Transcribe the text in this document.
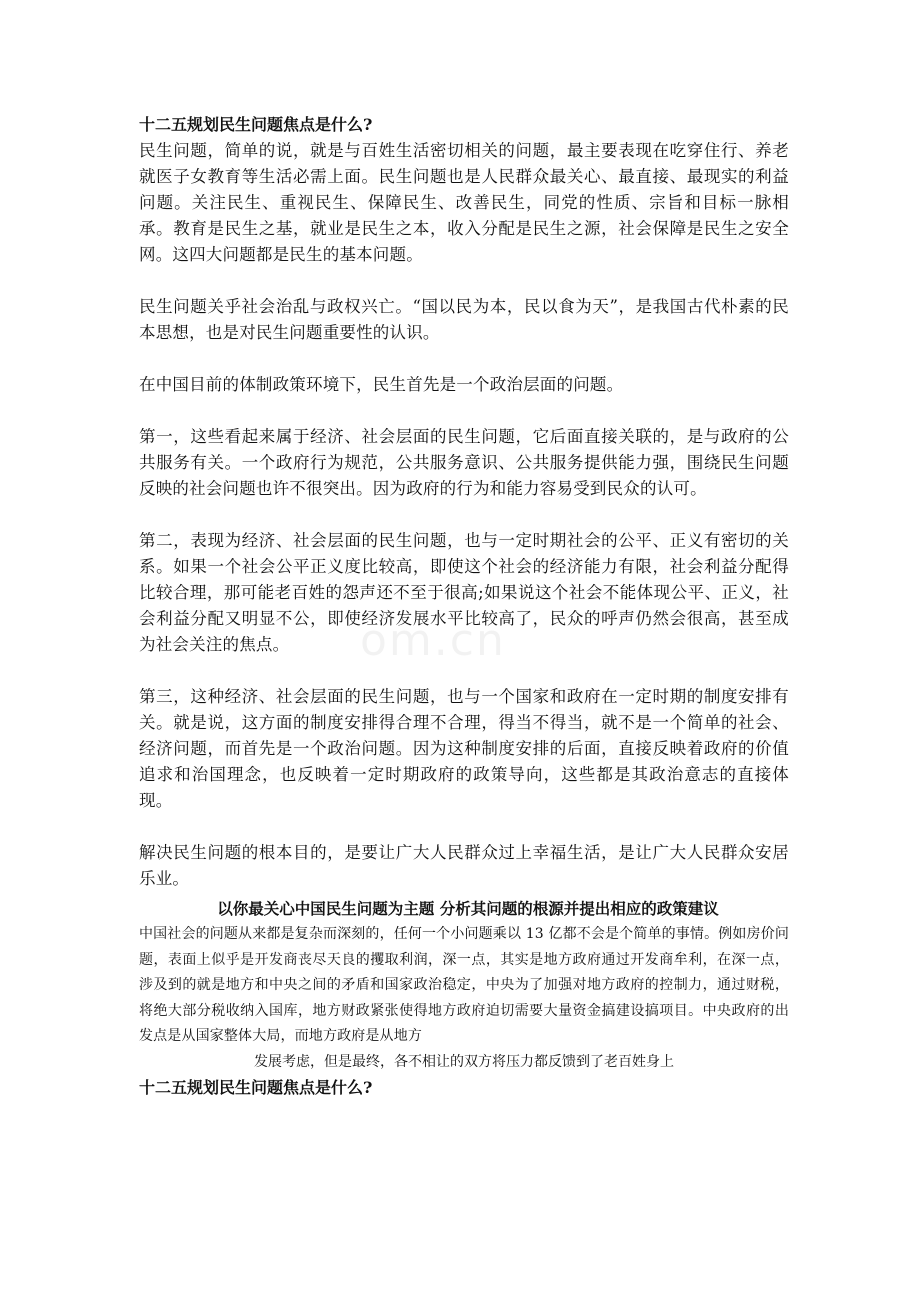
om.cn

十二五规划民生问题焦点是什么?

民生问题，简单的说，就是与百姓生活密切相关的问题，最主要表现在吃穿住行、养老就医子女教育等生活必需上面。民生问题也是人民群众最关心、最直接、最现实的利益问题。关注民生、重视民生、保障民生、改善民生，同党的性质、宗旨和目标一脉相承。教育是民生之基，就业是民生之本，收入分配是民生之源，社会保障是民生之安全网。这四大问题都是民生的基本问题。

民生问题关乎社会治乱与政权兴亡。“国以民为本，民以食为天”，是我国古代朴素的民本思想，也是对民生问题重要性的认识。

在中国目前的体制政策环境下，民生首先是一个政治层面的问题。

第一，这些看起来属于经济、社会层面的民生问题，它后面直接关联的，是与政府的公共服务有关。一个政府行为规范，公共服务意识、公共服务提供能力强，围绕民生问题反映的社会问题也许不很突出。因为政府的行为和能力容易受到民众的认可。

第二，表现为经济、社会层面的民生问题，也与一定时期社会的公平、正义有密切的关系。如果一个社会公平正义度比较高，即使这个社会的经济能力有限，社会利益分配得比较合理，那可能老百姓的怨声还不至于很高;如果说这个社会不能体现公平、正义，社会利益分配又明显不公，即使经济发展水平比较高了，民众的呼声仍然会很高，甚至成为社会关注的焦点。

第三，这种经济、社会层面的民生问题，也与一个国家和政府在一定时期的制度安排有关。就是说，这方面的制度安排得合理不合理，得当不得当，就不是一个简单的社会、经济问题，而首先是一个政治问题。因为这种制度安排的后面，直接反映着政府的价值追求和治国理念，也反映着一定时期政府的政策导向，这些都是其政治意志的直接体现。

解决民生问题的根本目的，是要让广大人民群众过上幸福生活，是让广大人民群众安居乐业。

以你最关心中国民生问题为主题 分析其问题的根源并提出相应的政策建议

中国社会的问题从来都是复杂而深刻的，任何一个小问题乘以 13 亿都不会是个简单的事情。例如房价问题，表面上似乎是开发商丧尽天良的攫取利润，深一点，其实是地方政府通过开发商牟利，在深一点，涉及到的就是地方和中央之间的矛盾和国家政治稳定，中央为了加强对地方政府的控制力，通过财税，将绝大部分税收纳入国库，地方财政紧张使得地方政府迫切需要大量资金搞建设搞项目。中央政府的出发点是从国家整体大局，而地方政府是从地方

发展考虑，但是最终，各不相让的双方将压力都反馈到了老百姓身上

十二五规划民生问题焦点是什么?
